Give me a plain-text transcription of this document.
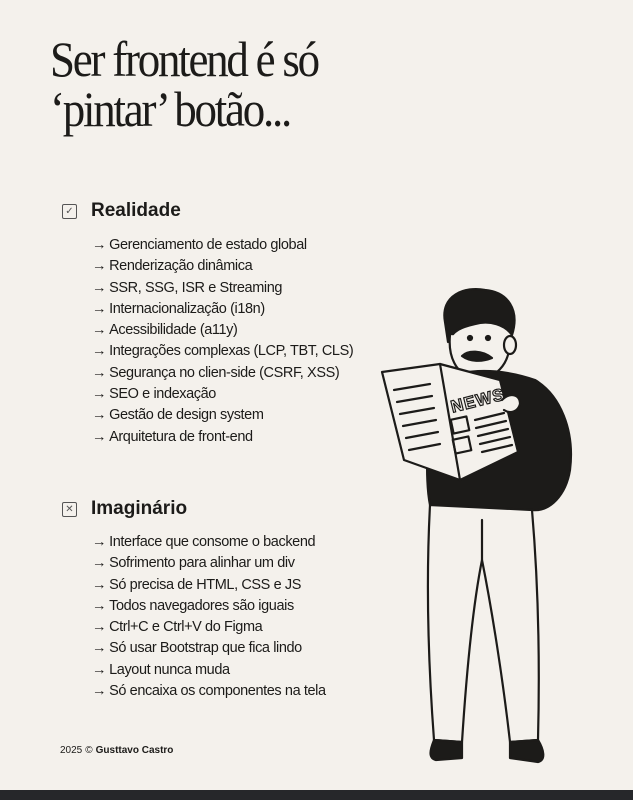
Ser frontend é só
‘pintar’ botão...
✓ Realidade
→ Gerenciamento de estado global
→ Renderização dinâmica
→ SSR, SSG, ISR e Streaming
→ Internacionalização (i18n)
→ Acessibilidade (a11y)
→ Integrações complexas (LCP, TBT, CLS)
→ Segurança no clien-side (CSRF, XSS)
→ SEO e indexação
→ Gestão de design system
→ Arquitetura de front-end
✕ Imaginário
→ Interface que consome o backend
→ Sofrimento para alinhar um div
→ Só precisa de HTML, CSS e JS
→ Todos navegadores são iguais
→ Ctrl+C e Ctrl+V do Figma
→ Só usar Bootstrap que fica lindo
→ Layout nunca muda
→ Só encaixa os componentes na tela
NEWS
2025 © Gusttavo Castro
